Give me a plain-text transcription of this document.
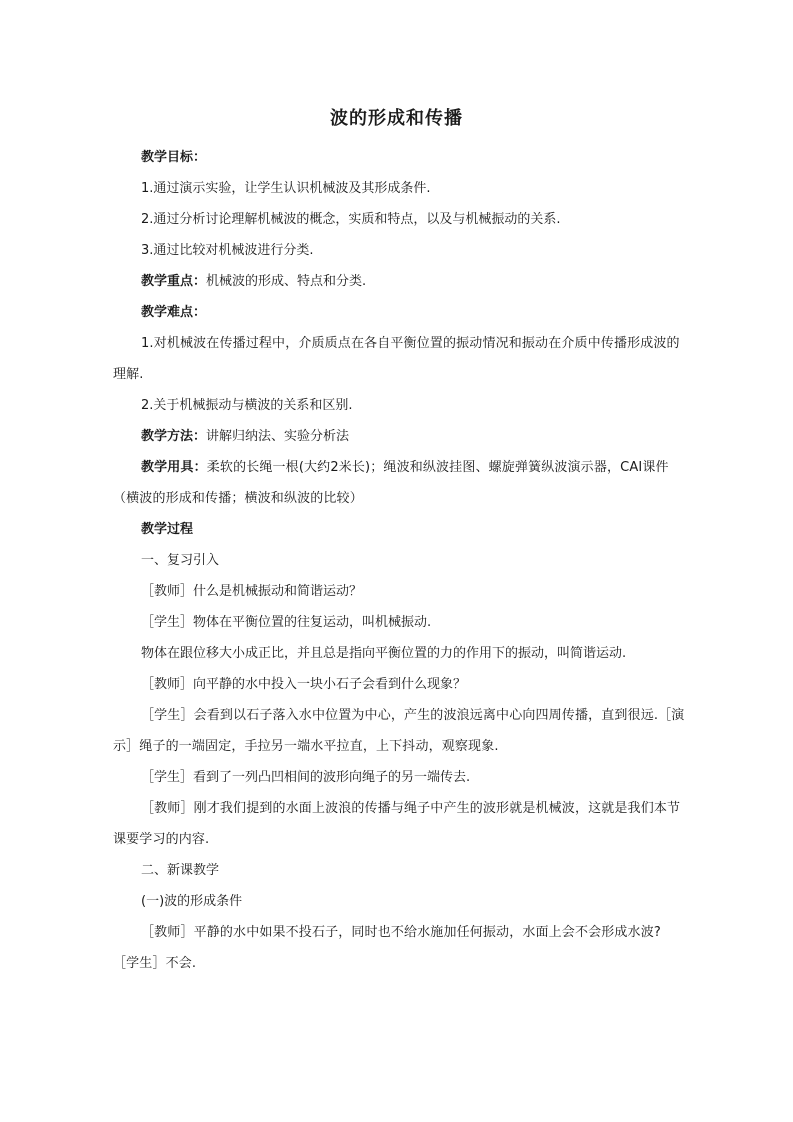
波的形成和传播

教学目标：

1.通过演示实验，让学生认识机械波及其形成条件.

2.通过分析讨论理解机械波的概念，实质和特点，以及与机械振动的关系.

3.通过比较对机械波进行分类.

教学重点：机械波的形成、特点和分类.

教学难点：

1.对机械波在传播过程中，介质质点在各自平衡位置的振动情况和振动在介质中传播形成波的理解.

2.关于机械振动与横波的关系和区别.

教学方法：讲解归纳法、实验分析法

教学用具：柔软的长绳一根(大约2米长)；绳波和纵波挂图、螺旋弹簧纵波演示器，CAI课件（横波的形成和传播；横波和纵波的比较）

教学过程

一、复习引入

［教师］什么是机械振动和简谐运动？

［学生］物体在平衡位置的往复运动，叫机械振动.

物体在跟位移大小成正比，并且总是指向平衡位置的力的作用下的振动，叫简谐运动.

［教师］向平静的水中投入一块小石子会看到什么现象？

［学生］会看到以石子落入水中位置为中心，产生的波浪远离中心向四周传播，直到很远.［演示］绳子的一端固定，手拉另一端水平拉直，上下抖动，观察现象.

［学生］看到了一列凸凹相间的波形向绳子的另一端传去.

［教师］刚才我们提到的水面上波浪的传播与绳子中产生的波形就是机械波，这就是我们本节课要学习的内容.

二、新课教学

(一)波的形成条件

［教师］平静的水中如果不投石子，同时也不给水施加任何振动，水面上会不会形成水波?［学生］不会.
